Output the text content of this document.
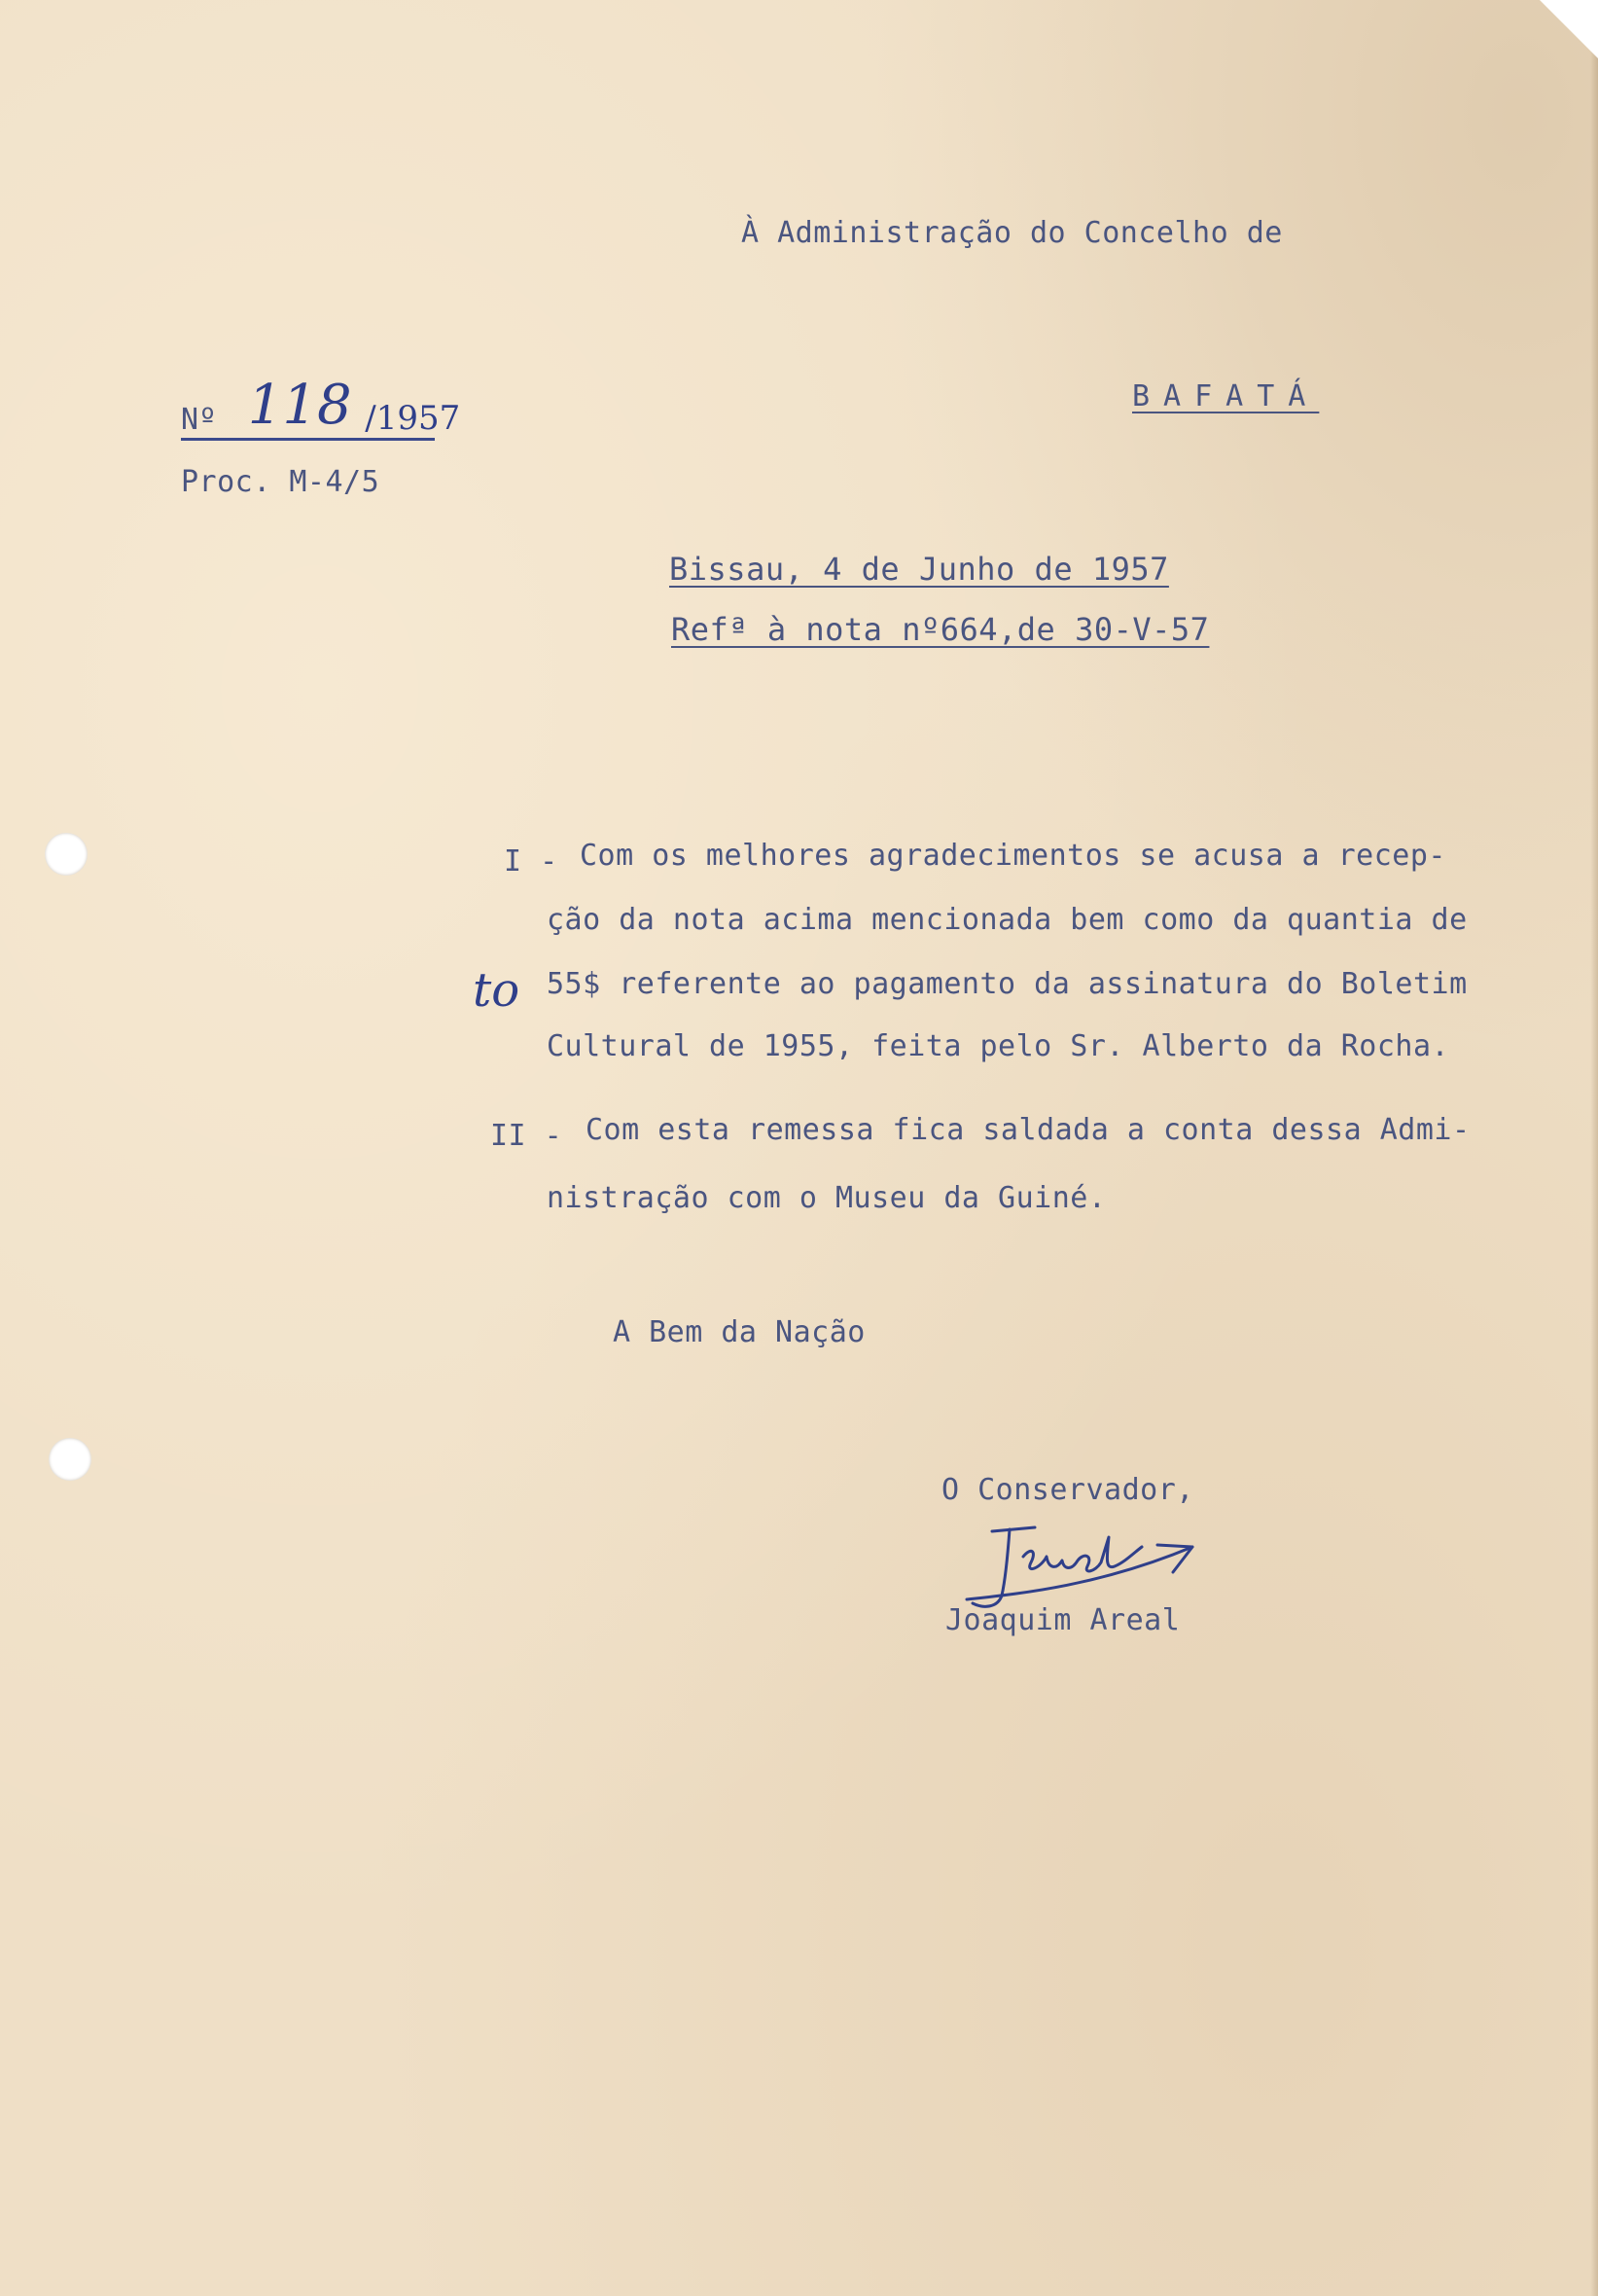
À Administração do Concelho de
BAFATÁ
Nº 118 /1957
Proc. M-4/5
Bissau, 4 de Junho de 1957
Refª à nota nº664,de 30-V-57
I - Com os melhores agradecimentos se acusa a recep-
ção da nota acima mencionada bem como da quantia de
55$ referente ao pagamento da assinatura do Boletim
Cultural de 1955, feita pelo Sr. Alberto da Rocha.
to
II - Com esta remessa fica saldada a conta dessa Admi-
nistração com o Museu da Guiné.
A Bem da Nação
O Conservador,
Joaquim Areal
